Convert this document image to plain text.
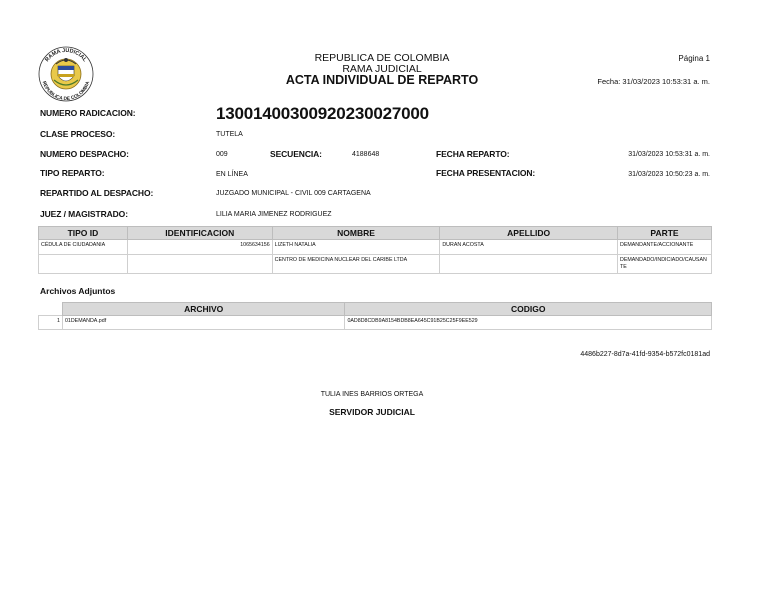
RAMA JUDICIAL
REPUBLICA DE COLOMBIA
REPUBLICA DE COLOMBIA
RAMA JUDICIAL
ACTA INDIVIDUAL DE REPARTO
Página 1
Fecha: 31/03/2023 10:53:31 a. m.
NUMERO RADICACION:	13001400300920230027000
CLASE PROCESO:	TUTELA
NUMERO DESPACHO:	009	SECUENCIA:	4188648	FECHA REPARTO:	31/03/2023 10:53:31 a. m.
TIPO REPARTO:	EN LÍNEA	FECHA PRESENTACION:	31/03/2023 10:50:23 a. m.
REPARTIDO AL DESPACHO:	JUZGADO MUNICIPAL - CIVIL 009 CARTAGENA
JUEZ / MAGISTRADO:	LILIA MARIA JIMENEZ RODRIGUEZ
TIPO ID	IDENTIFICACION	NOMBRE	APELLIDO	PARTE
CÉDULA DE CIUDADANIA	1065634156	LIZETH NATALIA	DURAN ACOSTA	DEMANDANTE/ACCIONANTE
		CENTRO DE MEDICINA NUCLEAR DEL CARIBE LTDA		DEMANDADO/INDICIADO/CAUSANTE
Archivos Adjuntos
	ARCHIVO	CODIGO
1	01DEMANDA.pdf	0AD8D8CDB9A8154BDB8EA645C91B25C25F9EE529
4486b227-8d7a-41fd-9354-b572fc0181ad
TULIA INES BARRIOS ORTEGA
SERVIDOR JUDICIAL
